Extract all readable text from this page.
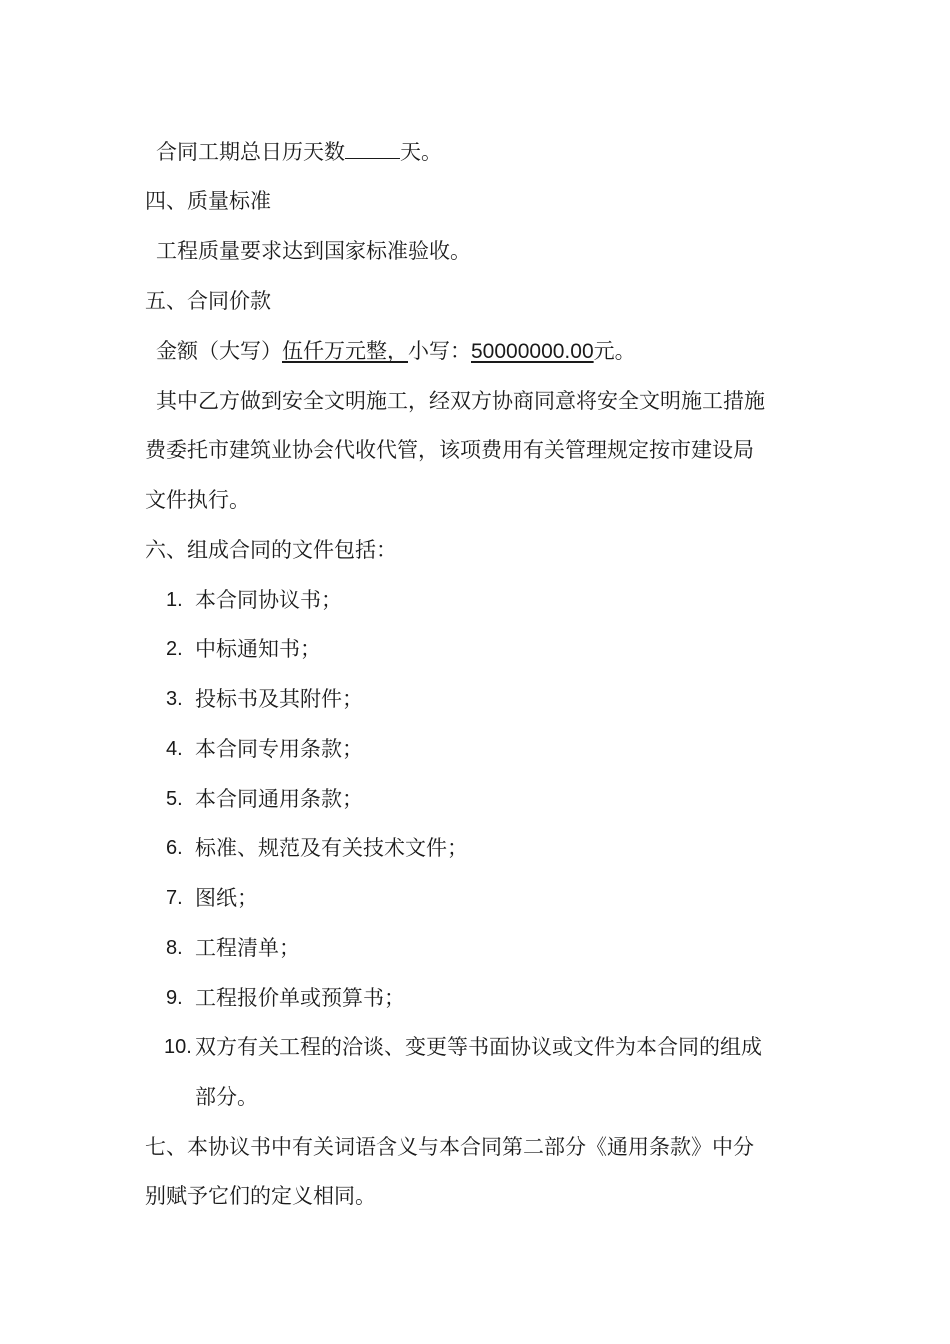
合同工期总日历天数	天。
四、质量标准
工程质量要求达到国家标准验收。
五、合同价款
金额（大写）伍仟万元整，小写：50000000.00元。
其中乙方做到安全文明施工，经双方协商同意将安全文明施工措施
费委托市建筑业协会代收代管，该项费用有关管理规定按市建设局
文件执行。
六、组成合同的文件包括：
1. 本合同协议书；
2. 中标通知书；
3. 投标书及其附件；
4. 本合同专用条款；
5. 本合同通用条款；
6. 标准、规范及有关技术文件；
7. 图纸；
8. 工程清单；
9. 工程报价单或预算书；
10. 双方有关工程的洽谈、变更等书面协议或文件为本合同的组成
部分。
七、本协议书中有关词语含义与本合同第二部分《通用条款》中分
别赋予它们的定义相同。
